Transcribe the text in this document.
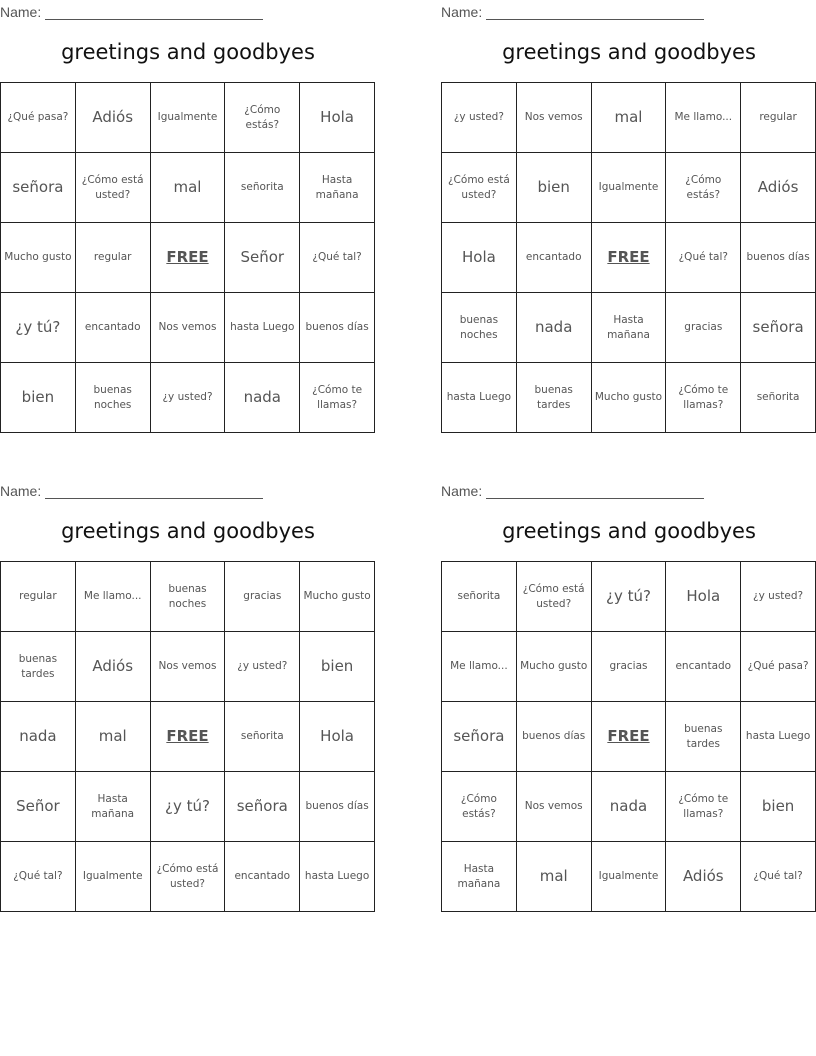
Name:
greetings and goodbyes
¿Qué pasa?	Adiós	Igualmente	¿Cómo estás?	Hola
señora	¿Cómo está usted?	mal	señorita	Hasta mañana
Mucho gusto	regular	FREE	Señor	¿Qué tal?
¿y tú?	encantado	Nos vemos	hasta Luego	buenos días
bien	buenas noches	¿y usted?	nada	¿Cómo te llamas?
Name:
greetings and goodbyes
¿y usted?	Nos vemos	mal	Me llamo...	regular
¿Cómo está usted?	bien	Igualmente	¿Cómo estás?	Adiós
Hola	encantado	FREE	¿Qué tal?	buenos días
buenas noches	nada	Hasta mañana	gracias	señora
hasta Luego	buenas tardes	Mucho gusto	¿Cómo te llamas?	señorita
Name:
greetings and goodbyes
regular	Me llamo...	buenas noches	gracias	Mucho gusto
buenas tardes	Adiós	Nos vemos	¿y usted?	bien
nada	mal	FREE	señorita	Hola
Señor	Hasta mañana	¿y tú?	señora	buenos días
¿Qué tal?	Igualmente	¿Cómo está usted?	encantado	hasta Luego
Name:
greetings and goodbyes
señorita	¿Cómo está usted?	¿y tú?	Hola	¿y usted?
Me llamo...	Mucho gusto	gracias	encantado	¿Qué pasa?
señora	buenos días	FREE	buenas tardes	hasta Luego
¿Cómo estás?	Nos vemos	nada	¿Cómo te llamas?	bien
Hasta mañana	mal	Igualmente	Adiós	¿Qué tal?
